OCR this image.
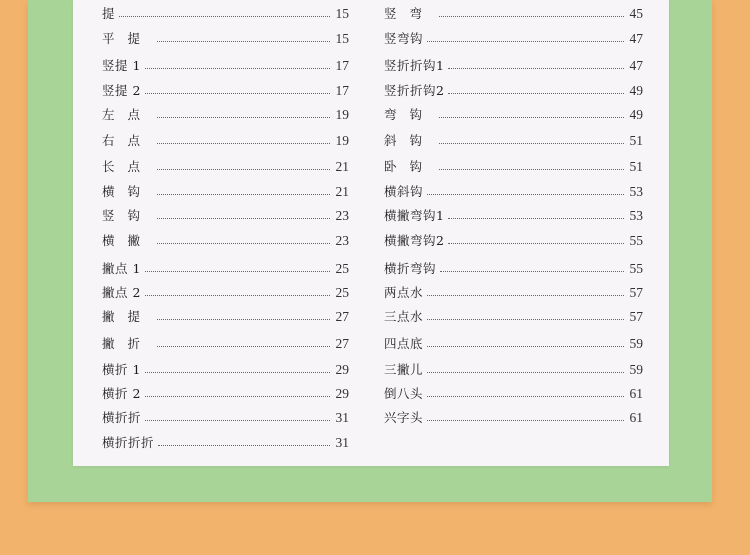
提	15
平提	15
竖提 1	17
竖提 2	17
左点	19
右点	19
长点	21
横钩	21
竖钩	23
横撇	23
撇点 1	25
撇点 2	25
撇提	27
撇折	27
横折 1	29
横折 2	29
横折折	31
横折折折	31
竖弯	45
竖弯钩	47
竖折折钩1	47
竖折折钩2	49
弯钩	49
斜钩	51
卧钩	51
横斜钩	53
横撇弯钩1	53
横撇弯钩2	55
横折弯钩	55
两点水	57
三点水	57
四点底	59
三撇儿	59
倒八头	61
兴字头	61
